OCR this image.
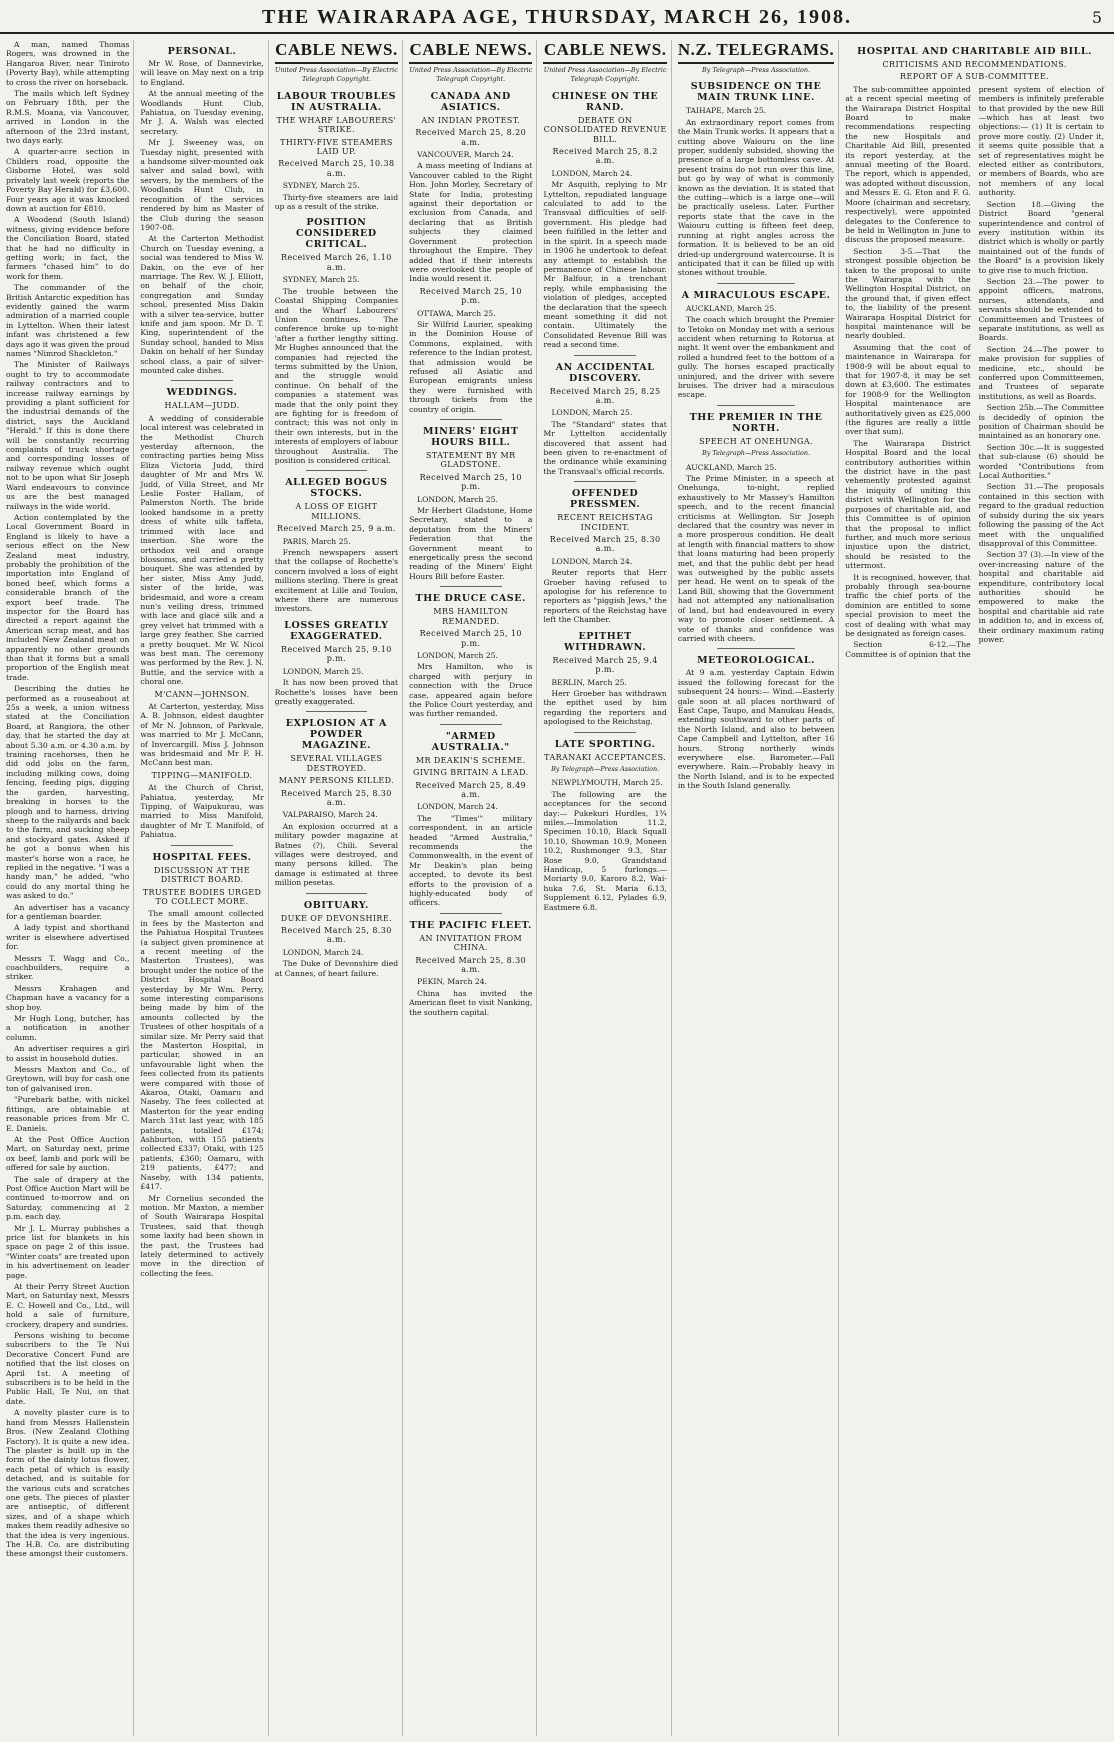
THE WAIRARAPA AGE, THURSDAY, MARCH 26, 1908.	5

A man, named Thomas Rogers, was drowned in the Hangaroa River, near Tiniroto (Poverty Bay), while attempting to cross the river on horseback.

The mails which left Sydney on February 18th, per the R.M.S. Moana, via Vancouver, arrived in London in the afternoon of the 23rd instant, two days early.

A quarter-acre section in Childers road, opposite the Gisborne Hotel, was sold privately last week (reports the Poverty Bay Herald) for £3,600. Four years ago it was knocked down at auction for £810.

A Woodend (South Island) witness, giving evidence before the Conciliation Board, stated that he had no difficulty in getting work; in fact, the farmers "chased him" to do work for them.

The commander of the British Antarctic expedition has evidently gained the warm admiration of a married couple in Lyttelton. When their latest infant was christened a few days ago it was given the proud names "Nimrod Shackleton."

The Minister of Railways ought to try to accommodate railway contractors and to increase railway earnings by providing a plant sufficient for the industrial demands of the district, says the Auckland "Herald." If this is done there will be constantly recurring complaints of truck shortage and corresponding losses of railway revenue which ought not to be upon what Sir Joseph Ward endeavours to convince us are the best managed railways in the wide world.

Action contemplated by the Local Government Board in England is likely to have a serious effect on the New Zealand meat industry, probably the prohibition of the importation into England of boned beef, which forms a considerable branch of the export beef trade. The inspector for the Board has directed a report against the American scrap meat, and has included New Zealand meat on apparently no other grounds than that it forms but a small proportion of the English meat trade.

Describing the duties he performed as a rouseabout at 25s a week, a union witness stated at the Conciliation Board, at Rangiora, the other day, that he started the day at about 5.30 a.m. or 4.30 a.m. by training racehorses, then he did odd jobs on the farm, including milking cows, doing fencing, feeding pigs, digging the garden, harvesting, breaking in horses to the plough and to harness, driving sheep to the railyards and back to the farm, and sucking sheep and stockyard gates. Asked if he got a bonus when his master's horse won a race, he replied in the negative. "I was a handy man," he added, "who could do any mortal thing he was asked to do."

An advertiser has a vacancy for a gentleman boarder.

A lady typist and shorthand writer is elsewhere advertised for.

Messrs T. Wagg and Co., coachbuilders, require a striker.

Messrs Krahagen and Chapman have a vacancy for a shop boy.

Mr Hugh Long, butcher, has a notification in another column.

An advertiser requires a girl to assist in household duties.

Messrs Maxton and Co., of Greytown, will buy for cash one ton of galvanised iron.

"Purebark bathe, with nickel fittings, are obtainable at reasonable prices from Mr C. E. Daniels.

At the Post Office Auction Mart, on Saturday next, prime ox beef, lamb and pork will be offered for sale by auction.

The sale of drapery at the Post Office Auction Mart will be continued to-morrow and on Saturday, commencing at 2 p.m. each day.

Mr J. L. Murray publishes a price list for blankets in his space on page 2 of this issue. "Winter coats" are treated upon in his advertisement on leader page.

At their Perry Street Auction Mart, on Saturday next, Messrs E. C. Howell and Co., Ltd., will hold a sale of furniture, crockery, drapery and sundries.

Persons wishing to become subscribers to the Te Nui Decorative Concert Fund are notified that the list closes on April 1st. A meeting of subscribers is to be held in the Public Hall, Te Nui, on that date.

A novelty plaster cure is to hand from Messrs Hallenstein Bros. (New Zealand Clothing Factory). It is quite a new idea. The plaster is built up in the form of the dainty lotus flower, each petal of which is easily detached, and is suitable for the various cuts and scratches one gets. The pieces of plaster are antiseptic, of different sizes, and of a shape which makes them readily adhesive so that the idea is very ingenious. The H.B. Co. are distributing these amongst their customers.

PERSONAL.

Mr W. Rose, of Dannevirke, will leave on May next on a trip to England.

At the annual meeting of the Woodlands Hunt Club, Pahiatua, on Tuesday evening, Mr J. A. Walsh was elected secretary.

Mr J. Sweeney was, on Tuesday night, presented with a handsome silver-mounted oak salver and salad bowl, with servers, by the members of the Woodlands Hunt Club, in recognition of the services rendered by him as Master of the Club during the season 1907-08.

At the Carterton Methodist Church on Tuesday evening, a social was tendered to Miss W. Dakin, on the eve of her marriage. The Rev. W. J. Elliott, on behalf of the choir, congregation and Sunday school, presented Miss Dakin with a silver tea-service, butter knife and jam spoon. Mr D. T. King, superintendent of the Sunday school, handed to Miss Dakin on behalf of her Sunday school class, a pair of silver-mounted cake dishes.

WEDDINGS.
HALLAM—JUDD.

A wedding of considerable local interest was celebrated in the Methodist Church yesterday afternoon, the contracting parties being Miss Eliza Victoria Judd, third daughter of Mr and Mrs W. Judd, of Villa Street, and Mr Leslie Foster Hallam, of Palmerston North. The bride looked handsome in a pretty dress of white silk taffeta, trimmed with lace and insertion. She wore the orthodox veil and orange blossoms, and carried a pretty bouquet. She was attended by her sister, Miss Amy Judd, sister of the bride, was bridesmaid, and wore a cream nun's veiling dress, trimmed with lace and glacé silk and a grey velvet hat trimmed with a large grey feather. She carried a pretty bouquet. Mr W. Nicol was best man. The ceremony was performed by the Rev. J. N. Buttle, and the service with a choral one.

M'CANN—JOHNSON.

At Carterton, yesterday, Miss A. B. Johnson, eldest daughter of Mr N. Johnson, of Parkvale, was married to Mr J. McCann, of Invercargill. Miss J. Johnson was bridesmaid and Mr F. H. McCann best man.

TIPPING—MANIFOLD.

At the Church of Christ, Pahiatua, yesterday, Mr Tipping, of Waipukurau, was married to Miss Manifold, daughter of Mr T. Manifold, of Pahiatua.

HOSPITAL FEES.
DISCUSSION AT THE DISTRICT BOARD.
TRUSTEE BODIES URGED TO COLLECT MORE.

The small amount collected in fees by the Masterton and the Pahiatua Hospital Trustees (a subject given prominence at a recent meeting of the Masterton Trustees), was brought under the notice of the District Hospital Board yesterday by Mr Wm. Perry, some interesting comparisons being made by him of the amounts collected by the Trustees of other hospitals of a similar size. Mr Perry said that the Masterton Hospital, in particular, showed in an unfavourable light when the fees collected from its patients were compared with those of Akaroa, Otaki, Oamaru and Naseby. The fees collected at Masterton for the year ending March 31st last year, with 185 patients, totalled £174; Ashburton, with 155 patients collected £337; Otaki, with 125 patients, £360; Oamaru, with 219 patients, £477; and Naseby, with 134 patients, £417.

Mr Cornelius seconded the motion. Mr Maxton, a member of South Wairarapa Hospital Trustees, said that though some laxity had been shown in the past, the Trustees had lately determined to actively move in the direction of collecting the fees.

CABLE NEWS.
United Press Association—By Electric Telegraph Copyright.
LABOUR TROUBLES IN AUSTRALIA.
THE WHARF LABOURERS' STRIKE.
THIRTY-FIVE STEAMERS LAID UP.
Received March 25, 10.38 a.m.

SYDNEY, March 25.

Thirty-five steamers are laid up as a result of the strike.

POSITION CONSIDERED CRITICAL.
Received March 26, 1.10 a.m.

SYDNEY, March 25.

The trouble between the Coastal Shipping Companies and the Wharf Labourers' Union continues. The conference broke up to-night 'after a further lengthy sitting. Mr Hughes announced that the companies had rejected the terms submitted by the Union, and the struggle would continue. On behalf of the companies a statement was made that the only point they are fighting for is freedom of contract; this was not only in their own interests, but in the interests of employers of labour throughout Australia. The position is considered critical.

ALLEGED BOGUS STOCKS.
A LOSS OF EIGHT MILLIONS.
Received March 25, 9 a.m.

PARIS, March 25.

French newspapers assert that the collapse of Rochette's concern involved a loss of eight millions sterling. There is great excitement at Lille and Toulon, where there are numerous investors.

LOSSES GREATLY EXAGGERATED.
Received March 25, 9.10 p.m.

LONDON, March 25.

It has now been proved that Rochette's losses have been greatly exaggerated.

EXPLOSION AT A POWDER MAGAZINE.
SEVERAL VILLAGES DESTROYED.
MANY PERSONS KILLED.
Received March 25, 8.30 a.m.

VALPARAISO, March 24.

An explosion occurred at a military powder magazine at Batnes (?), Chili. Several villages were destroyed, and many persons killed. The damage is estimated at three million pesetas.

OBITUARY.
DUKE OF DEVONSHIRE.
Received March 25, 8.30 a.m.

LONDON, March 24.

The Duke of Devonshire died at Cannes, of heart failure.

CABLE NEWS.
United Press Association—By Electric Telegraph Copyright.
CANADA AND ASIATICS.
AN INDIAN PROTEST.
Received March 25, 8.20 a.m.

VANCOUVER, March 24.

A mass meeting of Indians at Vancouver cabled to the Right Hon. John Morley, Secretary of State for India, protesting against their deportation or exclusion from Canada, and declaring that as British subjects they claimed Government protection throughout the Empire. They added that if their interests were overlooked the people of India would resent it.

Received March 25, 10 p.m.

OTTAWA, March 25.

Sir Wilfrid Laurier, speaking in the Dominion House of Commons, explained, with reference to the Indian protest, that admission would be refused all Asiatic and European emigrants unless they were furnished with through tickets from the country of origin.

MINERS' EIGHT HOURS BILL.
STATEMENT BY MR GLADSTONE.
Received March 25, 10 p.m.

LONDON, March 25.

Mr Herbert Gladstone, Home Secretary, stated to a deputation from the Miners' Federation that the Government meant to energetically press the second reading of the Miners' Eight Hours Bill before Easter.

THE DRUCE CASE.
MRS HAMILTON REMANDED.
Received March 25, 10 p.m.

LONDON, March 25.

Mrs Hamilton, who is charged with perjury in connection with the Druce case, appeared again before the Police Court yesterday, and was further remanded.

"ARMED AUSTRALIA."
MR DEAKIN'S SCHEME.
GIVING BRITAIN A LEAD.
Received March 25, 8.49 a.m.

LONDON, March 24.

The "Times'" military correspondent, in an article headed "Armed Australia," recommends the Commonwealth, in the event of Mr Deakin's plan being accepted, to devote its best efforts to the provision of a highly-educated body of officers.

THE PACIFIC FLEET.
AN INVITATION FROM CHINA.
Received March 25, 8.30 a.m.

PEKIN, March 24.

China has invited the American fleet to visit Nanking, the southern capital.

CABLE NEWS.
United Press Association—By Electric Telegraph Copyright.
CHINESE ON THE RAND.
DEBATE ON CONSOLIDATED REVENUE BILL.
Received March 25, 8.2 a.m.

LONDON, March 24.

Mr Asquith, replying to Mr Lyttelton, repudiated language calculated to add to the Transvaal difficulties of self-government. His pledge had been fulfilled in the letter and in the spirit. In a speech made in 1906 he undertook to defeat any attempt to establish the permanence of Chinese labour. Mr Balfour, in a trenchant reply, while emphasising the violation of pledges, accepted the declaration that the speech meant something it did not contain. Ultimately the Consolidated Revenue Bill was read a second time.

AN ACCIDENTAL DISCOVERY.
Received March 25, 8.25 a.m.

LONDON, March 25.

The "Standard" states that Mr Lyttelton accidentally discovered that assent had been given to re-enactment of the ordinance while examining the Transvaal's official records.

OFFENDED PRESSMEN.
RECENT REICHSTAG INCIDENT.
Received March 25, 8.30 a.m.

LONDON, March 24.

Reuter reports that Herr Groeber having refused to apologise for his reference to reporters as "piggish Jews," the reporters of the Reichstag have left the Chamber.

EPITHET WITHDRAWN.
Received March 25, 9.4 p.m.

BERLIN, March 25.

Herr Groeber has withdrawn the epithet used by him regarding the reporters and apologised to the Reichstag.

LATE SPORTING.
TARANAKI ACCEPTANCES.
By Telegraph—Press Association.

NEWPLYMOUTH, March 25.

The following are the acceptances for the second day:— Pukekuri Hurdles, 1¾ miles.—Immolation 11.2, Specimen 10.10, Black Squall 10.10, Showman 10.9, Moneen 10.2, Rushmonger 9.3, Star Rose 9.0, Grandstand Handicap, 5 furlongs.—Moriarty 9.0, Karoro 8.2, Wai-huka 7.6, St. Maria 6.13, Supplement 6.12, Pylades 6.9, Eastmere 6.8.

N.Z. TELEGRAMS.
By Telegraph—Press Association.
SUBSIDENCE ON THE MAIN TRUNK LINE.

TAIHAPE, March 25.

An extraordinary report comes from the Main Trunk works. It appears that a cutting above Waiouru on the line proper, suddenly subsided, showing the presence of a large bottomless cave. At present trains do not run over this line, but go by way of what is commonly known as the deviation. It is stated that the cutting—which is a large one—will be practically useless. Later. Further reports state that the cave in the Waiouru cutting is fifteen feet deep, running at right angles across the formation. It is believed to be an old dried-up underground watercourse. It is anticipated that it can be filled up with stones without trouble.

A MIRACULOUS ESCAPE.

AUCKLAND, March 25.

The coach which brought the Premier to Tetoko on Monday met with a serious accident when returning to Rotorua at night. It went over the embankment and rolled a hundred feet to the bottom of a gully. The horses escaped practically uninjured, and the driver with severe bruises. The driver had a miraculous escape.

THE PREMIER IN THE NORTH.
SPEECH AT ONEHUNGA.
By Telegraph—Press Association.

AUCKLAND, March 25.

The Prime Minister, in a speech at Onehunga, to-night, replied exhaustively to Mr Massey's Hamilton speech, and to the recent financial criticisms at Wellington. Sir Joseph declared that the country was never in a more prosperous condition. He dealt at length with financial matters to show that loans maturing had been properly met, and that the public debt per head was outweighed by the public assets per head. He went on to speak of the Land Bill, showing that the Government had not attempted any nationalisation of land, but had endeavoured in every way to promote closer settlement. A vote of thanks and confidence was carried with cheers.

METEOROLOGICAL.

At 9 a.m. yesterday Captain Edwin issued the following forecast for the subsequent 24 hours:— Wind.—Easterly gale soon at all places northward of East Cape, Taupo, and Manukau Heads, extending southward to other parts of the North Island, and also to between Cape Campbell and Lyttelton, after 16 hours. Strong northerly winds everywhere else. Barometer.—Fall everywhere. Rain.—Probably heavy in the North Island, and is to be expected in the South Island generally.

HOSPITAL AND CHARITABLE AID BILL.
CRITICISMS AND RECOMMENDATIONS.
REPORT OF A SUB-COMMITTEE.

The sub-committee appointed at a recent special meeting of the Wairarapa District Hospital Board to make recommendations respecting the new Hospitals and Charitable Aid Bill, presented its report yesterday, at the annual meeting of the Board. The report, which is appended, was adopted without discussion, and Messrs E. G. Eton and F. G. Moore (chairman and secretary, respectively), were appointed delegates to the Conference to be held in Wellington in June to discuss the proposed measure.

Section 3-5.—That the strongest possible objection be taken to the proposal to unite the Wairarapa with the Wellington Hospital District, on the ground that, if given effect to, the liability of the present Wairarapa Hospital District for hospital maintenance will be nearly doubled.

Assuming that the cost of maintenance in Wairarapa for 1908-9 will be about equal to that for 1907-8, it may be set down at £3,600. The estimates for 1908-9 for the Wellington Hospital maintenance are authoritatively given as £25,000 (the figures are really a little over that sum).

The Wairarapa District Hospital Board and the local contributory authorities within the district have in the past vehemently protested against the iniquity of uniting this district with Wellington for the purposes of charitable aid, and this Committee is of opinion that the proposal to inflict further, and much more serious injustice upon the district, should be resisted to the uttermost.

It is recognised, however, that probably through sea-bourne traffic the chief ports of the dominion are entitled to some special provision to meet the cost of dealing with what may be designated as foreign cases.

Section 6-12.—The Committee is of opinion that the present system of election of members is infinitely preferable to that provided by the new Bill—which has at least two objections:— (1) It is certain to prove more costly. (2) Under it, it seems quite possible that a set of representatives might be elected either as contributors, or members of Boards, who are not members of any local authority.

Section 18.—Giving the District Board "general superintendence and control of every institution within its district which is wholly or partly maintained out of the funds of the Board" is a provision likely to give rise to much friction.

Section 23.—The power to appoint officers, matrons, nurses, attendants, and servants should be extended to Committeemen and Trustees of separate institutions, as well as Boards.

Section 24.—The power to make provision for supplies of medicine, etc., should be conferred upon Committeemen, and Trustees of separate institutions, as well as Boards.

Section 25b.—The Committee is decidedly of opinion the position of Chairman should be maintained as an honorary one.

Section 30c.—It is suggested that sub-clause (6) should be worded "Contributions from Local Authorities."

Section 31.—The proposals contained in this section with regard to the gradual reduction of subsidy during the six years following the passing of the Act meet with the unqualified disapproval of this Committee.

Section 37 (3).—In view of the over-increasing nature of the hospital and charitable aid expenditure, contributory local authorities should be empowered to make the hospital and charitable aid rate in addition to, and in excess of, their ordinary maximum rating power.
